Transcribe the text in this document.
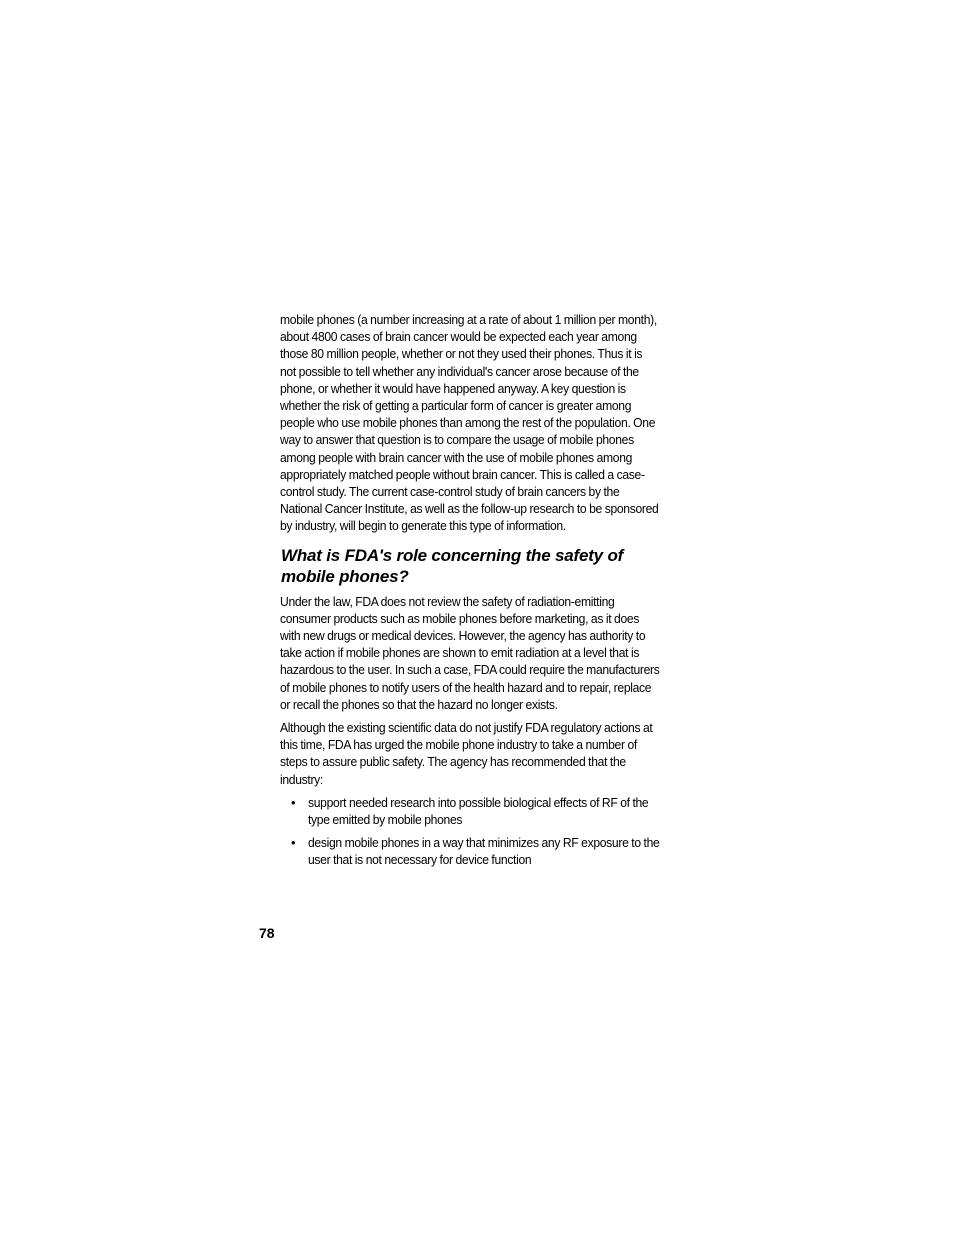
mobile phones (a number increasing at a rate of about 1 million per month), about 4800 cases of brain cancer would be expected each year among those 80 million people, whether or not they used their phones. Thus it is not possible to tell whether any individual's cancer arose because of the phone, or whether it would have happened anyway. A key question is whether the risk of getting a particular form of cancer is greater among people who use mobile phones than among the rest of the population. One way to answer that question is to compare the usage of mobile phones among people with brain cancer with the use of mobile phones among appropriately matched people without brain cancer. This is called a case-control study. The current case-control study of brain cancers by the National Cancer Institute, as well as the follow-up research to be sponsored by industry, will begin to generate this type of information.

What is FDA's role concerning the safety of mobile phones?

Under the law, FDA does not review the safety of radiation-emitting consumer products such as mobile phones before marketing, as it does with new drugs or medical devices. However, the agency has authority to take action if mobile phones are shown to emit radiation at a level that is hazardous to the user. In such a case, FDA could require the manufacturers of mobile phones to notify users of the health hazard and to repair, replace or recall the phones so that the hazard no longer exists.

Although the existing scientific data do not justify FDA regulatory actions at this time, FDA has urged the mobile phone industry to take a number of steps to assure public safety. The agency has recommended that the industry:

• support needed research into possible biological effects of RF of the type emitted by mobile phones

• design mobile phones in a way that minimizes any RF exposure to the user that is not necessary for device function

78
